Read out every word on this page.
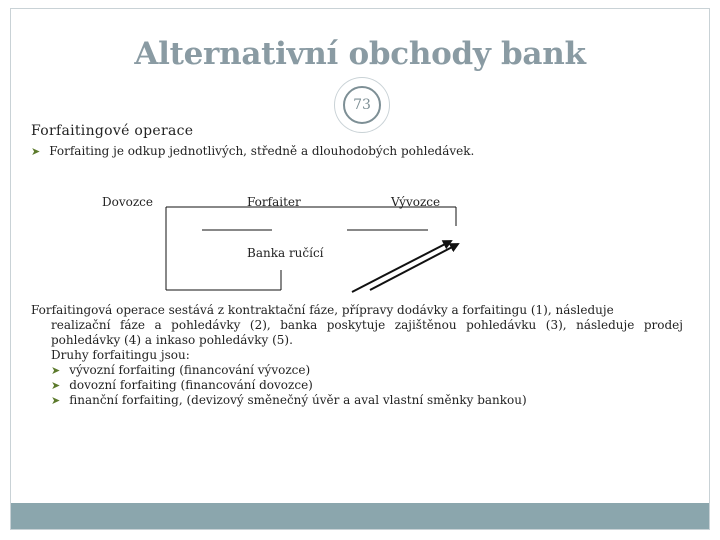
Alternativní obchody bank
73
Forfaitingové operace
➤ Forfaiting je odkup jednotlivých, středně a dlouhodobých pohledávek.
Dovozce	Forfaiter	Vývozce
Banka ručící
Forfaitingová operace sestává z kontraktační fáze, přípravy dodávky a forfaitingu (1), následuje
realizační fáze a pohledávky (2), banka poskytuje zajištěnou pohledávku (3), následuje prodej pohledávky (4) a inkaso pohledávky (5).
Druhy forfaitingu jsou:
➤ vývozní forfaiting (financování vývozce)
➤ dovozní forfaiting (financování dovozce)
➤ finanční forfaiting, (devizový směnečný úvěr a aval vlastní směnky bankou)
